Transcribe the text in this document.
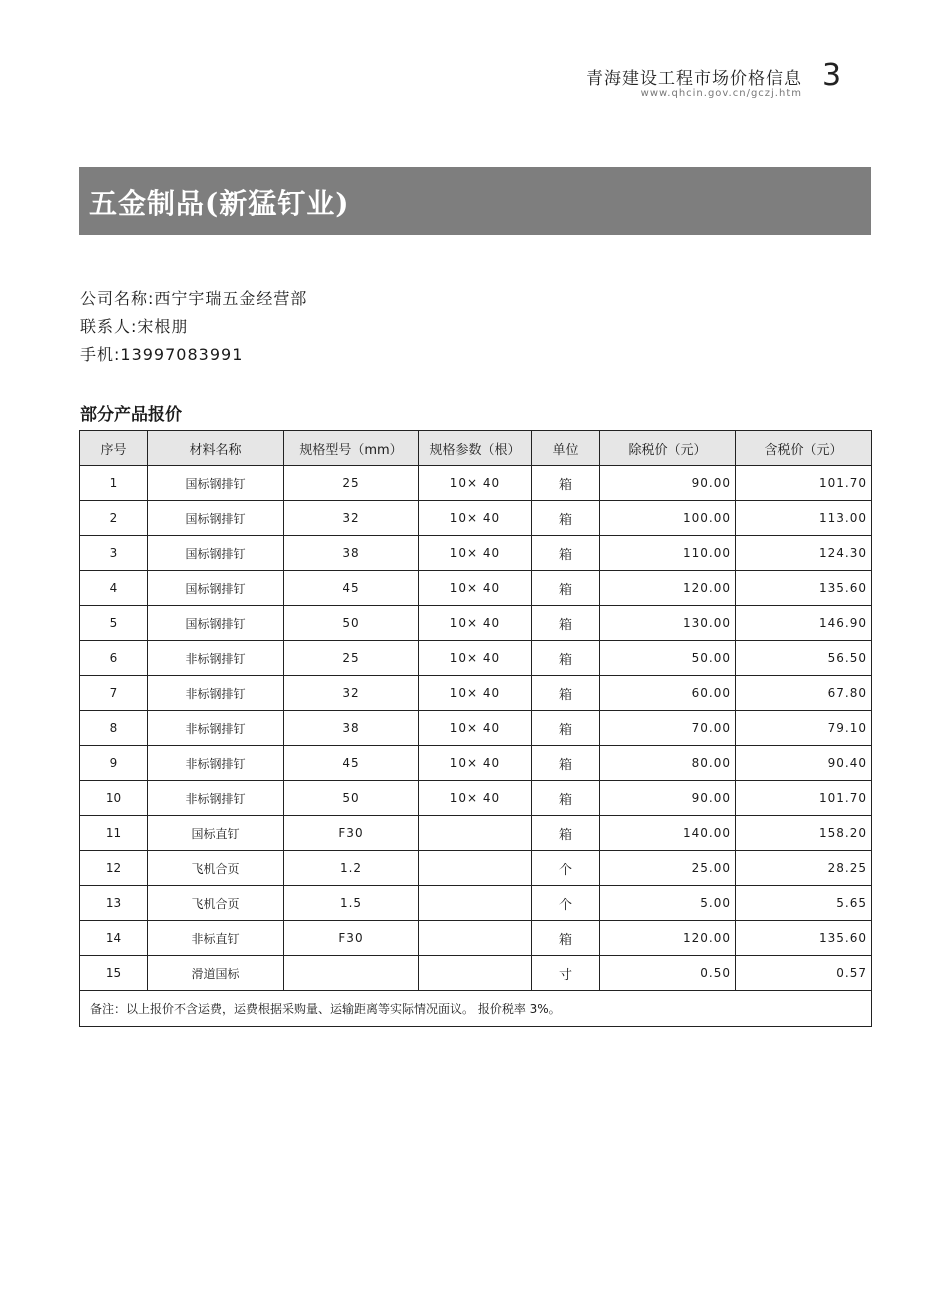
青海建设工程市场价格信息
www.qhcin.gov.cn/gczj.htm
3
五金制品(新猛钉业)
公司名称:西宁宇瑞五金经营部
联系人:宋根朋
手机:13997083991
部分产品报价
序号	材料名称	规格型号（mm）	规格参数（根）	单位	除税价（元）	含税价（元）
1	国标钢排钉	25	10× 40	箱	90.00	101.70
2	国标钢排钉	32	10× 40	箱	100.00	113.00
3	国标钢排钉	38	10× 40	箱	110.00	124.30
4	国标钢排钉	45	10× 40	箱	120.00	135.60
5	国标钢排钉	50	10× 40	箱	130.00	146.90
6	非标钢排钉	25	10× 40	箱	50.00	56.50
7	非标钢排钉	32	10× 40	箱	60.00	67.80
8	非标钢排钉	38	10× 40	箱	70.00	79.10
9	非标钢排钉	45	10× 40	箱	80.00	90.40
10	非标钢排钉	50	10× 40	箱	90.00	101.70
11	国标直钉	F30		箱	140.00	158.20
12	飞机合页	1.2		个	25.00	28.25
13	飞机合页	1.5		个	5.00	5.65
14	非标直钉	F30		箱	120.00	135.60
15	滑道国标			寸	0.50	0.57
备注：以上报价不含运费，运费根据采购量、运输距离等实际情况面议。 报价税率 3%。						
